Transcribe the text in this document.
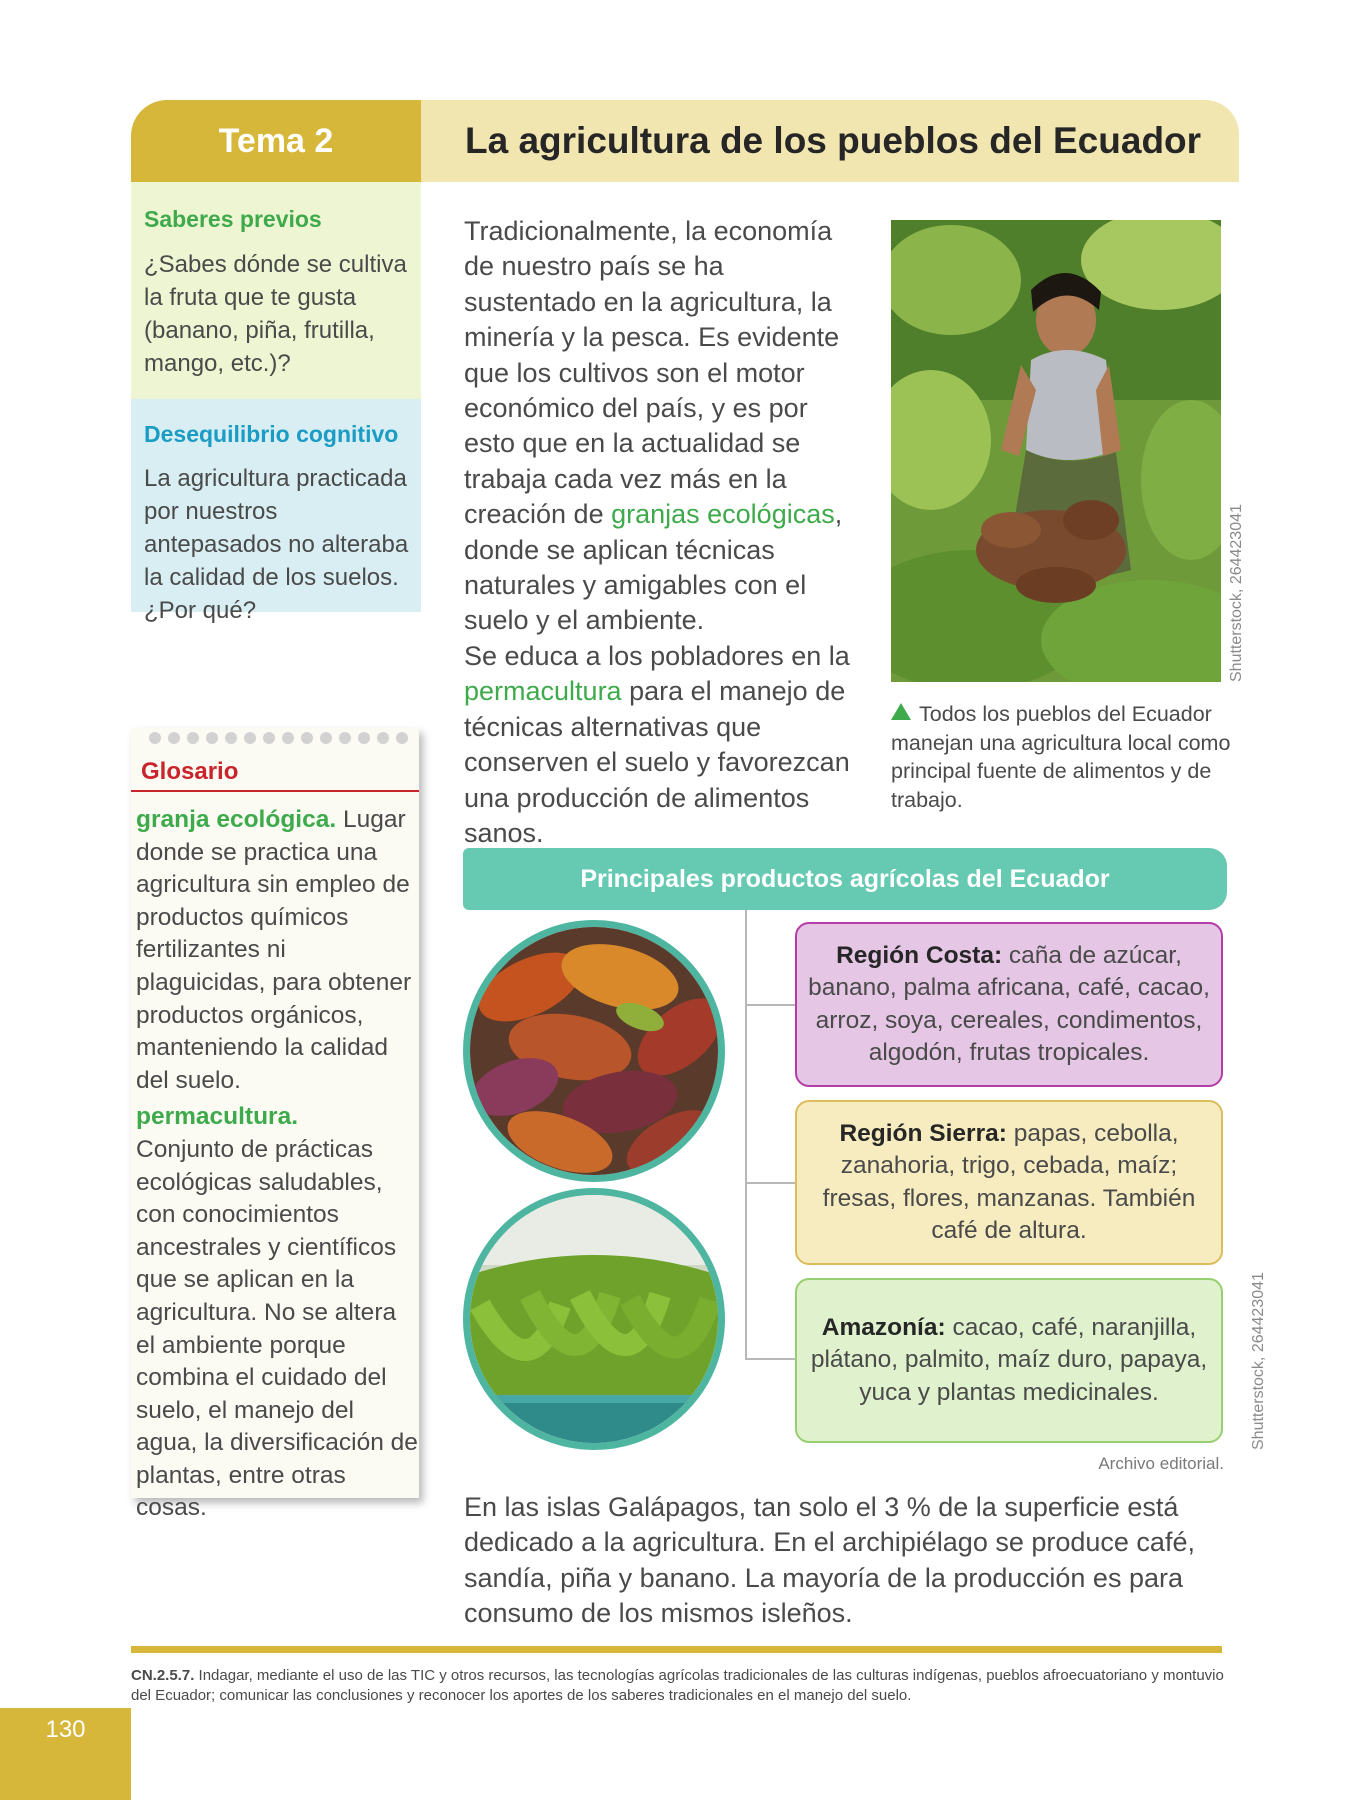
Tema 2	La agricultura de los pueblos del Ecuador
Saberes previos
¿Sabes dónde se cultiva la fruta que te gusta (banano, piña, frutilla, mango, etc.)?
Desequilibrio cognitivo
La agricultura practicada por nuestros antepasados no alteraba la calidad de los suelos. ¿Por qué?
Glosario
granja ecológica. Lugar donde se practica una agricultura sin empleo de productos químicos fertilizantes ni plaguicidas, para obtener productos orgánicos, manteniendo la calidad del suelo.
permacultura.
Conjunto de prácticas ecológicas saludables, con conocimientos ancestrales y científicos que se aplican en la agricultura. No se altera el ambiente porque combina el cuidado del suelo, el manejo del agua, la diversificación de plantas, entre otras cosas.
Tradicionalmente, la economía de nuestro país se ha sustentado en la agricultura, la minería y la pesca. Es evidente que los cultivos son el motor económico del país, y es por esto que en la actualidad se trabaja cada vez más en la creación de granjas ecológicas, donde se aplican técnicas naturales y amigables con el suelo y el ambiente.
Se educa a los pobladores en la permacultura para el manejo de técnicas alternativas que conserven el suelo y favorezcan una producción de alimentos sanos.
Shutterstock, 264423041
Todos los pueblos del Ecuador manejan una agricultura local como principal fuente de alimentos y de trabajo.
Principales productos agrícolas del Ecuador
Región Costa: caña de azúcar, banano, palma africana, café, cacao, arroz, soya, cereales, condimentos, algodón, frutas tropicales.
Región Sierra: papas, cebolla, zanahoria, trigo, cebada, maíz; fresas, flores, manzanas. También café de altura.
Amazonía: cacao, café, naranjilla, plátano, palmito, maíz duro, papaya, yuca y plantas medicinales.	Shutterstock, 264423041
Archivo editorial.
En las islas Galápagos, tan solo el 3 % de la superficie está dedicado a la agricultura. En el archipiélago se produce café, sandía, piña y banano. La mayoría de la producción es para consumo de los mismos isleños.
CN.2.5.7. Indagar, mediante el uso de las TIC y otros recursos, las tecnologías agrícolas tradicionales de las culturas indígenas, pueblos afroecuatoriano y montuvio del Ecuador; comunicar las conclusiones y reconocer los aportes de los saberes tradicionales en el manejo del suelo.
130
